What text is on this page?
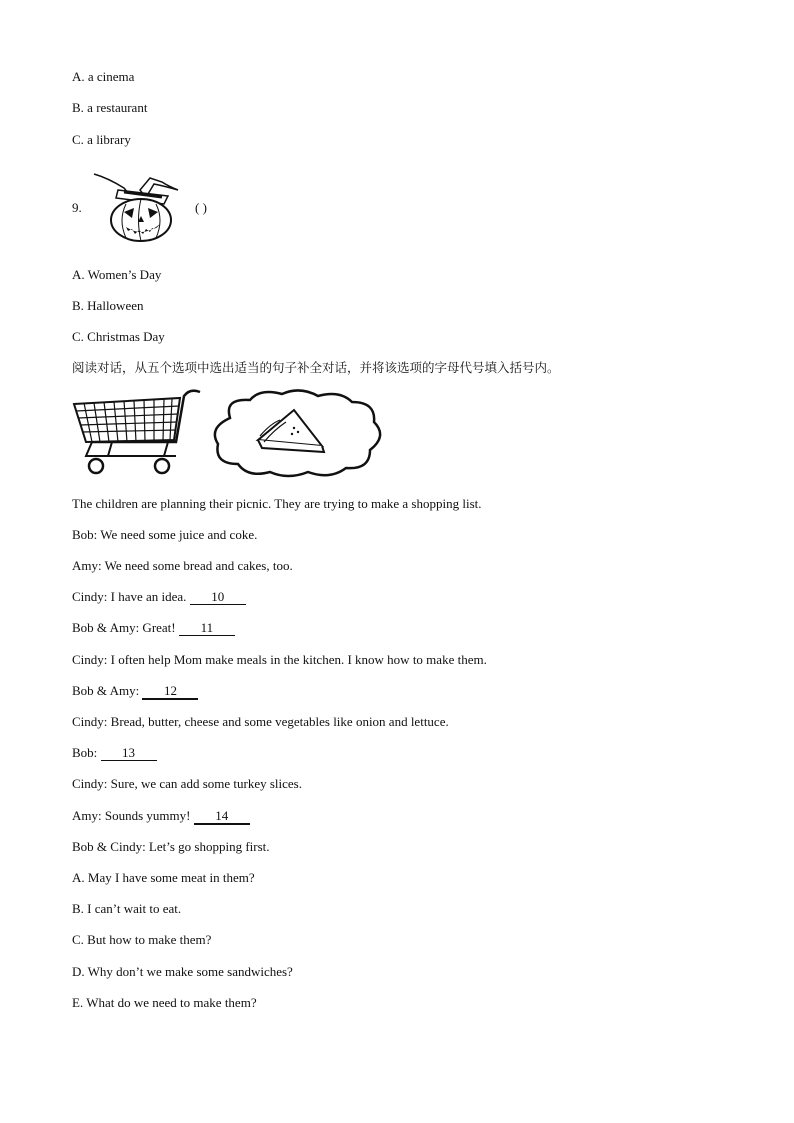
A. a cinema
B. a restaurant
C. a library
9.	( )
A. Women’s Day
B. Halloween
C. Christmas Day
阅读对话，从五个选项中选出适当的句子补全对话，并将该选项的字母代号填入括号内。
The children are planning their picnic. They are trying to make a shopping list.
Bob: We need some juice and coke.
Amy: We need some bread and cakes, too.
Cindy: I have an idea. 10
Bob & Amy: Great! 11
Cindy: I often help Mom make meals in the kitchen. I know how to make them.
Bob & Amy: 12
Cindy: Bread, butter, cheese and some vegetables like onion and lettuce.
Bob: 13
Cindy: Sure, we can add some turkey slices.
Amy: Sounds yummy! 14
Bob & Cindy: Let’s go shopping first.
A. May I have some meat in them?
B. I can’t wait to eat.
C. But how to make them?
D. Why don’t we make some sandwiches?
E. What do we need to make them?
